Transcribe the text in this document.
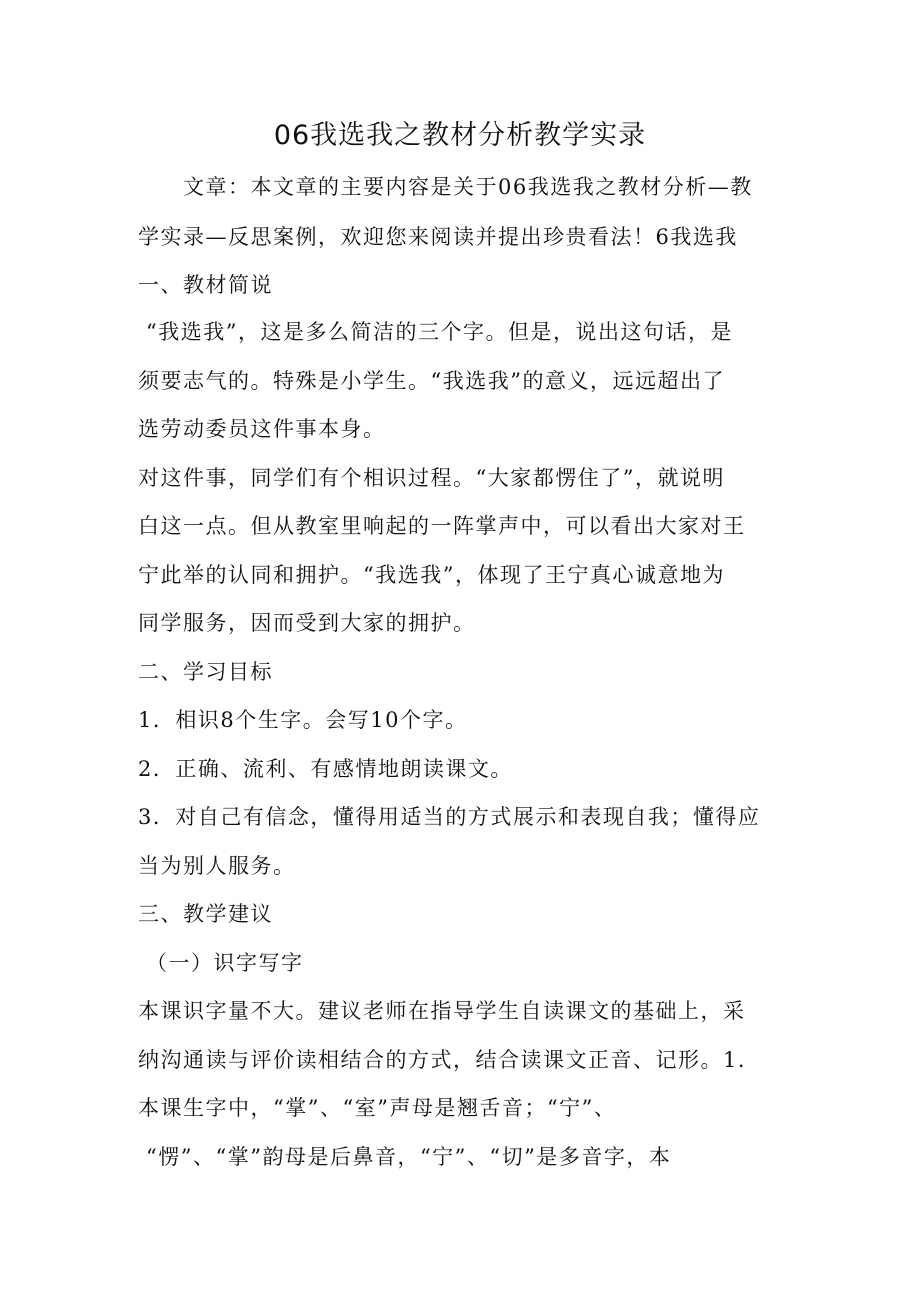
06我选我之教材分析教学实录
　　文章：本文章的主要内容是关于06我选我之教材分析—教
学实录—反思案例，欢迎您来阅读并提出珍贵看法！6我选我
一、教材简说
“我选我”，这是多么简洁的三个字。但是，说出这句话，是
须要志气的。特殊是小学生。“我选我”的意义，远远超出了
选劳动委员这件事本身。
对这件事，同学们有个相识过程。“大家都愣住了”，就说明
白这一点。但从教室里响起的一阵掌声中，可以看出大家对王
宁此举的认同和拥护。“我选我”，体现了王宁真心诚意地为
同学服务，因而受到大家的拥护。
二、学习目标
1．相识8个生字。会写10个字。
2．正确、流利、有感情地朗读课文。
3．对自己有信念，懂得用适当的方式展示和表现自我；懂得应
当为别人服务。
三、教学建议
（一）识字写字
本课识字量不大。建议老师在指导学生自读课文的基础上，采
纳沟通读与评价读相结合的方式，结合读课文正音、记形。1.
本课生字中，“掌”、“室”声母是翘舌音；“宁”、
“愣”、“掌”韵母是后鼻音，“宁”、“切”是多音字，本
